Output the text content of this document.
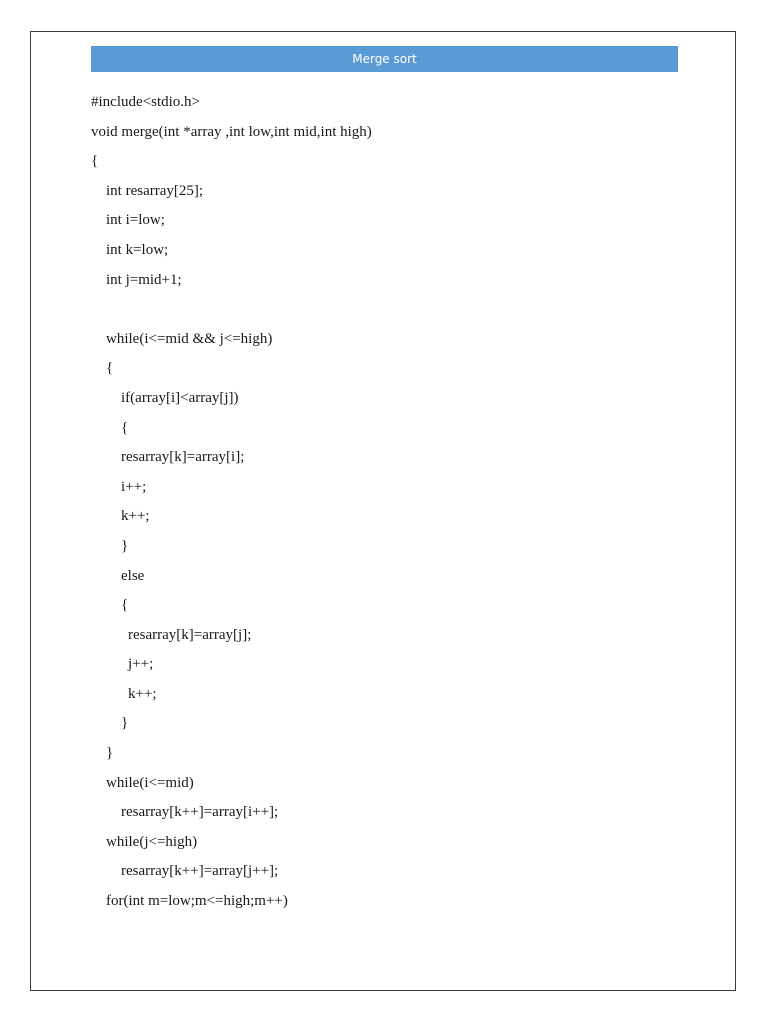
Merge sort
#include<stdio.h>
void merge(int *array ,int low,int mid,int high)
{
int resarray[25];
int i=low;
int k=low;
int j=mid+1;
while(i<=mid && j<=high)
{
if(array[i]<array[j])
{
resarray[k]=array[i];
i++;
k++;
}
else
{
resarray[k]=array[j];
j++;
k++;
}
}
while(i<=mid)
resarray[k++]=array[i++];
while(j<=high)
resarray[k++]=array[j++];
for(int m=low;m<=high;m++)
